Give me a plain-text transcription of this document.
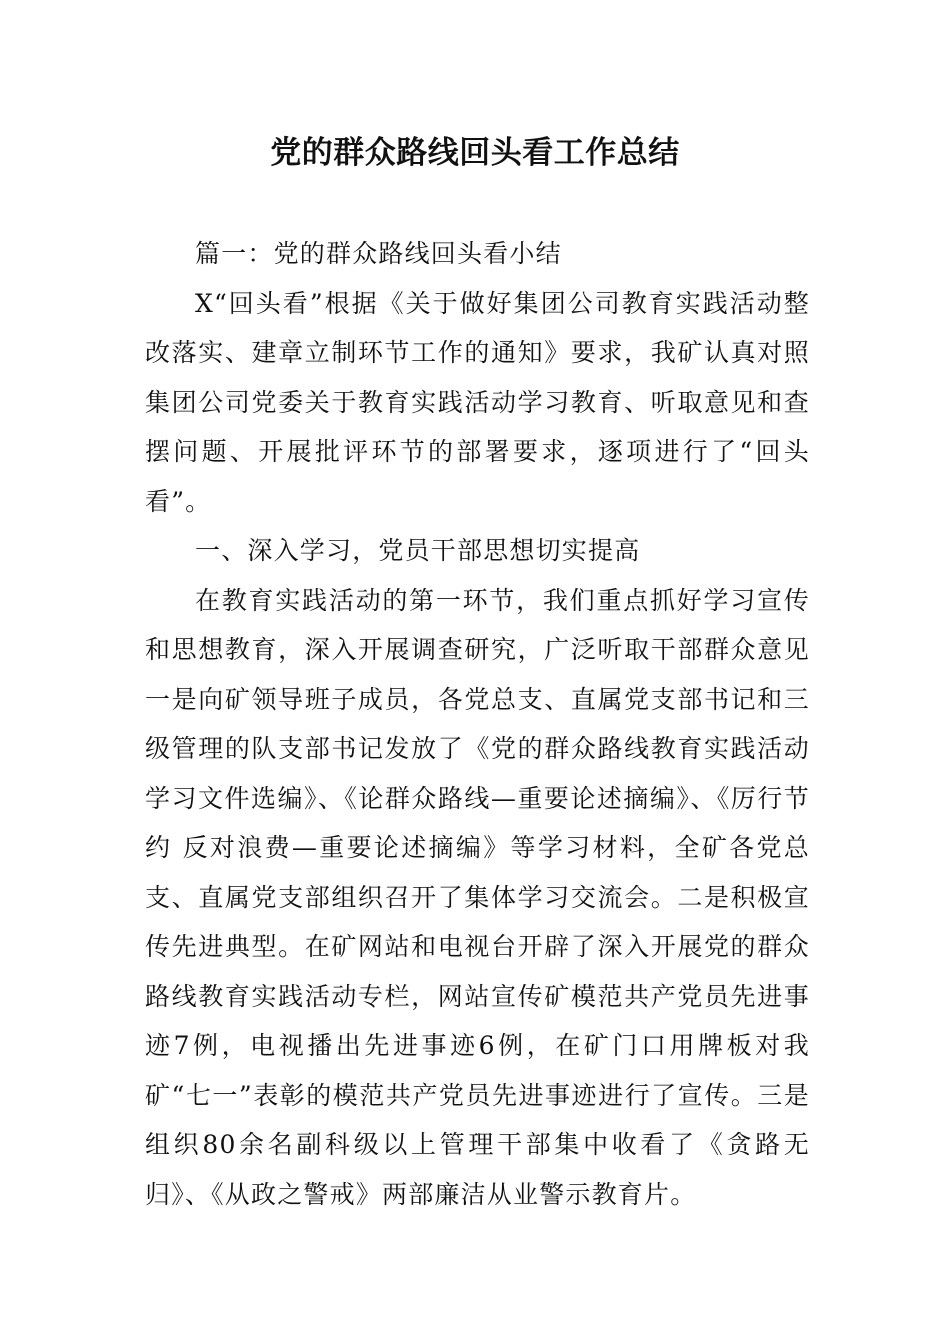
党的群众路线回头看工作总结

篇一：党的群众路线回头看小结

X“回头看”根据《关于做好集团公司教育实践活动整改落实、建章立制环节工作的通知》要求，我矿认真对照集团公司党委关于教育实践活动学习教育、听取意见和查摆问题、开展批评环节的部署要求，逐项进行了“回头看”。

一、深入学习，党员干部思想切实提高

在教育实践活动的第一环节，我们重点抓好学习宣传和思想教育，深入开展调查研究，广泛听取干部群众意见一是向矿领导班子成员，各党总支、直属党支部书记和三级管理的队支部书记发放了《党的群众路线教育实践活动学习文件选编》、《论群众路线—重要论述摘编》、《厉行节约 反对浪费—重要论述摘编》等学习材料，全矿各党总支、直属党支部组织召开了集体学习交流会。二是积极宣传先进典型。在矿网站和电视台开辟了深入开展党的群众路线教育实践活动专栏，网站宣传矿模范共产党员先进事迹7例，电视播出先进事迹6例，在矿门口用牌板对我矿“七一”表彰的模范共产党员先进事迹进行了宣传。三是组织80余名副科级以上管理干部集中收看了《贪路无归》、《从政之警戒》两部廉洁从业警示教育片。
